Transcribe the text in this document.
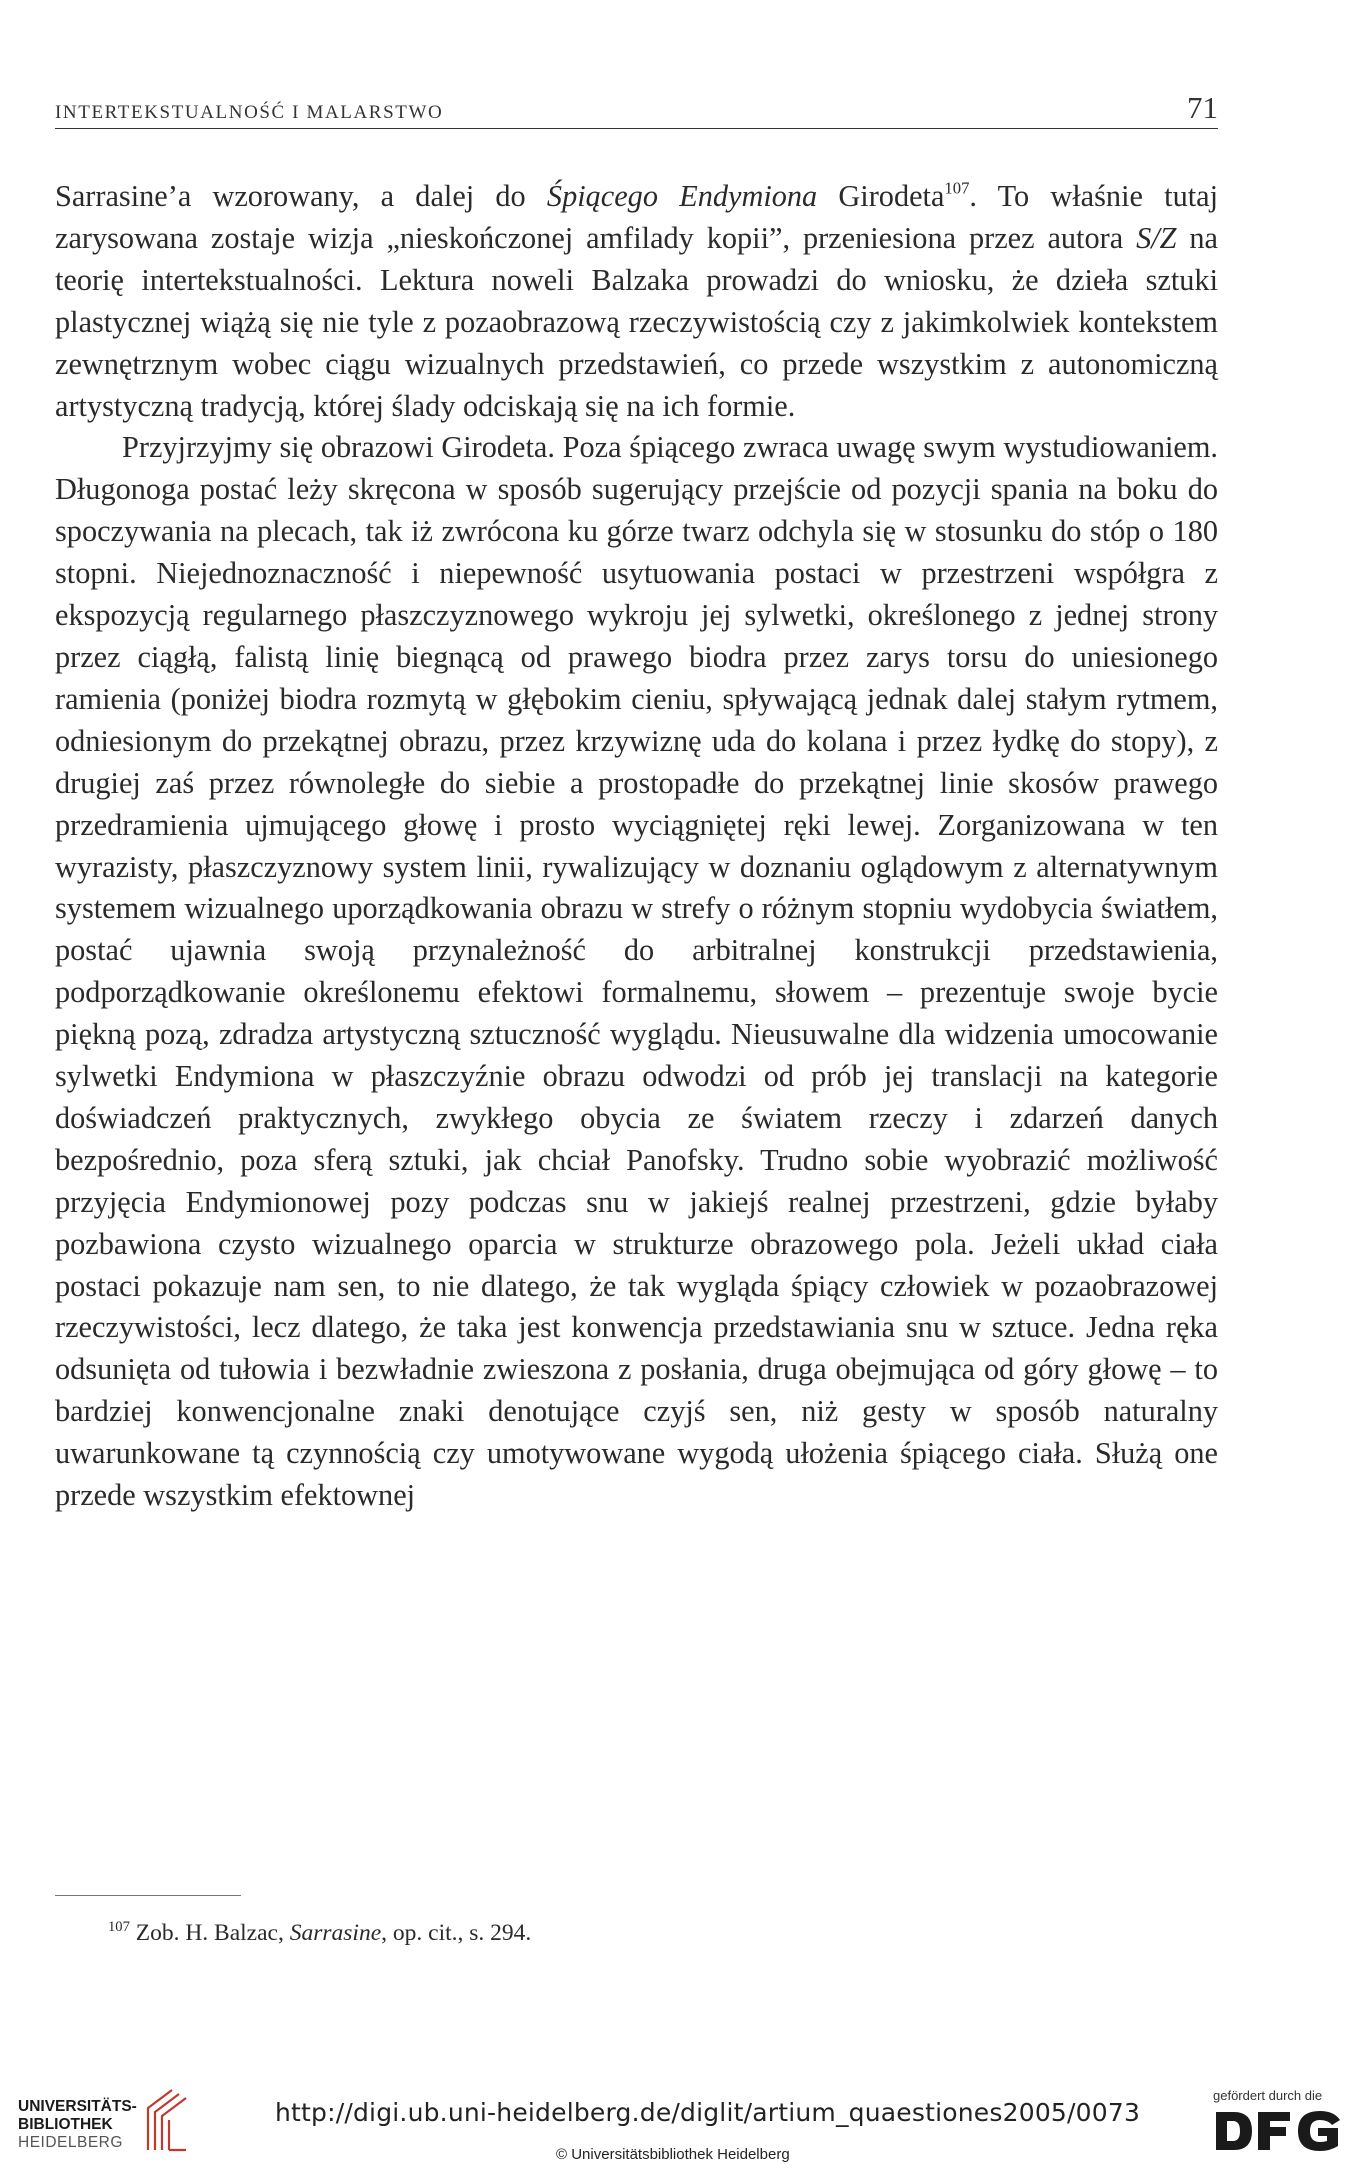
INTERTEKSTUALNOŚĆ I MALARSTWO	71

Sarrasine’a wzorowany, a dalej do Śpiącego Endymiona Girodeta$^{107}$. To właśnie tutaj zarysowana zostaje wizja „nieskończonej amfilady kopii”, przeniesiona przez autora S/Z na teorię intertekstualności. Lektura noweli Balzaka prowadzi do wniosku, że dzieła sztuki plastycznej wiążą się nie tyle z pozaobrazową rzeczywistością czy z jakimkolwiek kontekstem zewnętrznym wobec ciągu wizualnych przedstawień, co przede wszystkim z autonomiczną artystyczną tradycją, której ślady odciskają się na ich formie.

Przyjrzyjmy się obrazowi Girodeta. Poza śpiącego zwraca uwagę swym wystudiowaniem. Długonoga postać leży skręcona w sposób sugerujący przejście od pozycji spania na boku do spoczywania na plecach, tak iż zwrócona ku górze twarz odchyla się w stosunku do stóp o 180 stopni. Niejednoznaczność i niepewność usytuowania postaci w przestrzeni współgra z ekspozycją regularnego płaszczyznowego wykroju jej sylwetki, określonego z jednej strony przez ciągłą, falistą linię biegnącą od prawego biodra przez zarys torsu do uniesionego ramienia (poniżej biodra rozmytą w głębokim cieniu, spływającą jednak dalej stałym rytmem, odniesionym do przekątnej obrazu, przez krzywiznę uda do kolana i przez łydkę do stopy), z drugiej zaś przez równoległe do siebie a prostopadłe do przekątnej linie skosów prawego przedramienia ujmującego głowę i prosto wyciągniętej ręki lewej. Zorganizowana w ten wyrazisty, płaszczyznowy system linii, rywalizujący w doznaniu oglądowym z alternatywnym systemem wizualnego uporządkowania obrazu w strefy o różnym stopniu wydobycia światłem, postać ujawnia swoją przynależność do arbitralnej konstrukcji przedstawienia, podporządkowanie określonemu efektowi formalnemu, słowem – prezentuje swoje bycie piękną pozą, zdradza artystyczną sztuczność wyglądu. Nieusuwalne dla widzenia umocowanie sylwetki Endymiona w płaszczyźnie obrazu odwodzi od prób jej translacji na kategorie doświadczeń praktycznych, zwykłego obycia ze światem rzeczy i zdarzeń danych bezpośrednio, poza sferą sztuki, jak chciał Panofsky. Trudno sobie wyobrazić możliwość przyjęcia Endymionowej pozy podczas snu w jakiejś realnej przestrzeni, gdzie byłaby pozbawiona czysto wizualnego oparcia w strukturze obrazowego pola. Jeżeli układ ciała postaci pokazuje nam sen, to nie dlatego, że tak wygląda śpiący człowiek w pozaobrazowej rzeczywistości, lecz dlatego, że taka jest konwencja przedstawiania snu w sztuce. Jedna ręka odsunięta od tułowia i bezwładnie zwieszona z posłania, druga obejmująca od góry głowę – to bardziej konwencjonalne znaki denotujące czyjś sen, niż gesty w sposób naturalny uwarunkowane tą czynnością czy umotywowane wygodą ułożenia śpiącego ciała. Służą one przede wszystkim efektownej

$^{107}$ Zob. H. Balzac, Sarrasine, op. cit., s. 294.
UNIVERSITÄTS-
BIBLIOTHEK
HEIDELBERG
http://digi.ub.uni-heidelberg.de/diglit/artium_quaestiones2005/0073
© Universitätsbibliothek Heidelberg
gefördert durch die
